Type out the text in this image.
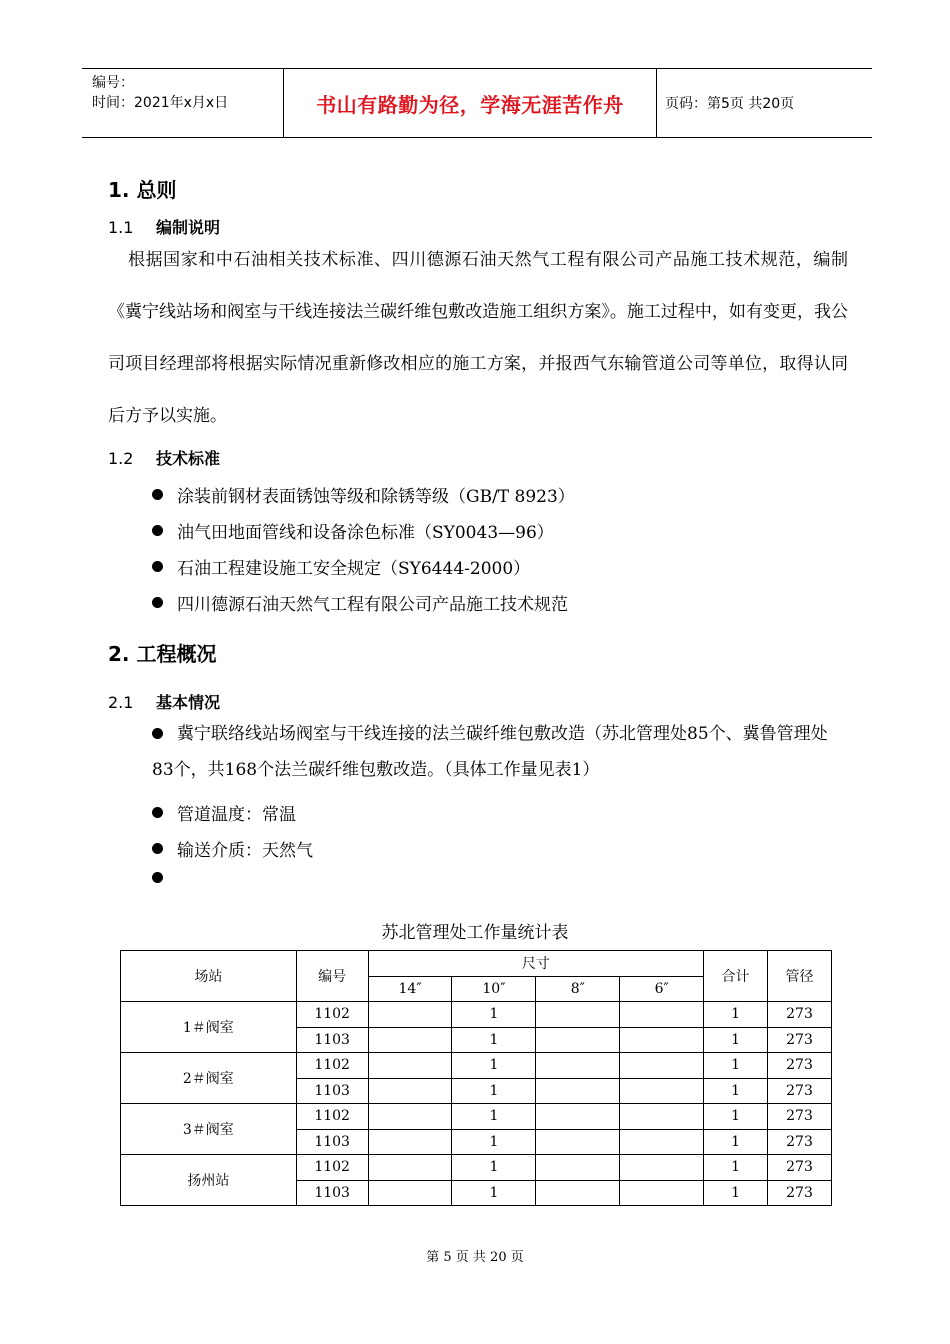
编号：
时间：2021年x月x日	书山有路勤为径，学海无涯苦作舟	页码：第5页 共20页
1. 总则
1.1 编制说明
根据国家和中石油相关技术标准、四川德源石油天然气工程有限公司产品施工技术规范，编制《冀宁线站场和阀室与干线连接法兰碳纤维包敷改造施工组织方案》。施工过程中，如有变更，我公司项目经理部将根据实际情况重新修改相应的施工方案，并报西气东输管道公司等单位，取得认同后方予以实施。
1.2 技术标准
涂装前钢材表面锈蚀等级和除锈等级（GB/T 8923）
油气田地面管线和设备涂色标准（SY0043—96）
石油工程建设施工安全规定（SY6444-2000）
四川德源石油天然气工程有限公司产品施工技术规范
2. 工程概况
2.1 基本情况
冀宁联络线站场阀室与干线连接的法兰碳纤维包敷改造（苏北管理处85个、冀鲁管理处83个，共168个法兰碳纤维包敷改造。（具体工作量见表1）
管道温度：常温
输送介质：天然气
苏北管理处工作量统计表
场站	编号	尺寸				合计	管径
		14″	10″	8″	6″		
1＃阀室	1102		1			1	273
	1103		1			1	273
2＃阀室	1102		1			1	273
	1103		1			1	273
3＃阀室	1102		1			1	273
	1103		1			1	273
扬州站	1102		1			1	273
	1103		1			1	273
第 5 页 共 20 页
